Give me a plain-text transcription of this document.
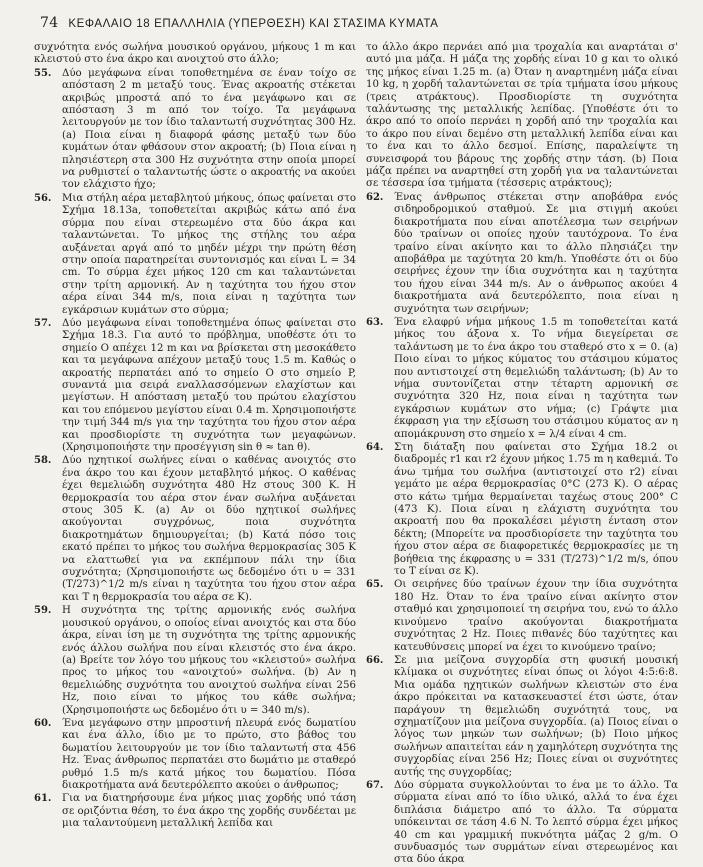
74 ΚΕΦΑΛΑΙΟ 18 ΕΠΑΛΛΗΛΙΑ (ΥΠΕΡΘΕΣΗ) ΚΑΙ ΣΤΑΣΙΜΑ ΚΥΜΑΤΑ
συχνότητα ενός σωλήνα μουσικού οργάνου, μήκους 1 m και κλειστού στο ένα άκρο και ανοιχτού στο άλλο;
55.	Δύο μεγάφωνα είναι τοποθετημένα σε έναν τοίχο σε απόσταση 2 m μεταξύ τους. Ένας ακροατής στέκεται ακριβώς μπροστά από το ένα μεγάφωνο και σε απόσταση 3 m από τον τοίχο. Τα μεγάφωνα λειτουργούν με τον ίδιο ταλαντωτή συχνότητας 300 Hz. (a) Ποια είναι η διαφορά φάσης μεταξύ των δύο κυμάτων όταν φθάσουν στον ακροατή; (b) Ποια είναι η πλησιέστερη στα 300 Hz συχνότητα στην οποία μπορεί να ρυθμιστεί ο ταλαντωτής ώστε ο ακροατής να ακούει τον ελάχιστο ήχο;
56.	Μια στήλη αέρα μεταβλητού μήκους, όπως φαίνεται στο Σχήμα 18.13a, τοποθετείται ακριβώς κάτω από ένα σύρμα που είναι στερεωμένο στα δύο άκρα και ταλαντώνεται. Το μήκος της στήλης του αέρα αυξάνεται αργά από το μηδέν μέχρι την πρώτη θέση στην οποία παρατηρείται συντονισμός και είναι L = 34 cm. Το σύρμα έχει μήκος 120 cm και ταλαντώνεται στην τρίτη αρμονική. Αν η ταχύτητα του ήχου στον αέρα είναι 344 m/s, ποια είναι η ταχύτητα των εγκάρσιων κυμάτων στο σύρμα;
57.	Δύο μεγάφωνα είναι τοποθετημένα όπως φαίνεται στο Σχήμα 18.3. Για αυτό το πρόβλημα, υποθέστε ότι το σημείο O απέχει 12 m και να βρίσκεται στη μεσοκάθετο και τα μεγάφωνα απέχουν μεταξύ τους 1.5 m. Καθώς ο ακροατής περπατάει από το σημείο O στο σημείο P, συναντά μια σειρά εναλλασσόμενων ελαχίστων και μεγίστων. Η απόσταση μεταξύ του πρώτου ελαχίστου και του επόμενου μεγίστου είναι 0.4 m. Χρησιμοποιήστε την τιμή 344 m/s για την ταχύτητα του ήχου στον αέρα και προσδιορίστε τη συχνότητα των μεγαφώνων. (Χρησιμοποιήστε την προσέγγιση sin θ ≈ tan θ).
58.	Δύο ηχητικοί σωλήνες είναι ο καθένας ανοιχτός στο ένα άκρο του και έχουν μεταβλητό μήκος. Ο καθένας έχει θεμελιώδη συχνότητα 480 Hz στους 300 K. Η θερμοκρασία του αέρα στον έναν σωλήνα αυξάνεται στους 305 K. (a) Αν οι δύο ηχητικοί σωλήνες ακούγονται συγχρόνως, ποια συχνότητα διακροτημάτων δημιουργείται; (b) Κατά πόσο τοις εκατό πρέπει το μήκος του σωλήνα θερμοκρασίας 305 K να ελαττωθεί για να εκπέμπουν πάλι την ίδια συχνότητα; (Χρησιμοποιήστε ως δεδομένο ότι υ = 331 (T/273)^1/2 m/s είναι η ταχύτητα του ήχου στον αέρα και T η θερμοκρασία του αέρα σε K).
59.	Η συχνότητα της τρίτης αρμονικής ενός σωλήνα μουσικού οργάνου, ο οποίος είναι ανοιχτός και στα δύο άκρα, είναι ίση με τη συχνότητα της τρίτης αρμονικής ενός άλλου σωλήνα που είναι κλειστός στο ένα άκρο. (a) Βρείτε τον λόγο του μήκους του «κλειστού» σωλήνα προς το μήκος του «ανοιχτού» σωλήνα. (b) Αν η θεμελιώδης συχνότητα του ανοιχτού σωλήνα είναι 256 Hz, ποιο είναι το μήκος του κάθε σωλήνα; (Χρησιμοποιήστε ως δεδομένο ότι υ = 340 m/s).
60.	Ένα μεγάφωνο στην μπροστινή πλευρά ενός δωματίου και ένα άλλο, ίδιο με το πρώτο, στο βάθος του δωματίου λειτουργούν με τον ίδιο ταλαντωτή στα 456 Hz. Ένας άνθρωπος περπατάει στο δωμάτιο με σταθερό ρυθμό 1.5 m/s κατά μήκος του δωματίου. Πόσα διακροτήματα ανά δευτερόλεπτο ακούει ο άνθρωπος;
61.	Για να διατηρήσουμε ένα μήκος μιας χορδής υπό τάση σε οριζόντια θέση, το ένα άκρο της χορδής συνδέεται με μια ταλαντούμενη μεταλλική λεπίδα και
το άλλο άκρο περνάει από μια τροχαλία και αναρτάται σ' αυτό μια μάζα. Η μάζα της χορδής είναι 10 g και το ολικό της μήκος είναι 1.25 m. (a) Όταν η αναρτημένη μάζα είναι 10 kg, η χορδή ταλαντώνεται σε τρία τμήματα ίσου μήκους (τρεις ατράκτους). Προσδιορίστε τη συχνότητα ταλάντωσης της μεταλλικής λεπίδας. [Υποθέστε ότι το άκρο από το οποίο περνάει η χορδή από την τροχαλία και το άκρο που είναι δεμένο στη μεταλλική λεπίδα είναι και το ένα και το άλλο δεσμοί. Επίσης, παραλείψτε τη συνεισφορά του βάρους της χορδής στην τάση. (b) Ποια μάζα πρέπει να αναρτηθεί στη χορδή για να ταλαντώνεται σε τέσσερα ίσα τμήματα (τέσσερις ατράκτους);
62.	Ένας άνθρωπος στέκεται στην αποβάθρα ενός σιδηροδρομικού σταθμού. Σε μια στιγμή ακούει διακροτήματα που είναι αποτέλεσμα των σειρήνων δύο τραίνων οι οποίες ηχούν ταυτόχρονα. Το ένα τραίνο είναι ακίνητο και το άλλο πλησιάζει την αποβάθρα με ταχύτητα 20 km/h. Υποθέστε ότι οι δύο σειρήνες έχουν την ίδια συχνότητα και η ταχύτητα του ήχου είναι 344 m/s. Αν ο άνθρωπος ακούει 4 διακροτήματα ανά δευτερόλεπτο, ποια είναι η συχνότητα των σειρήνων;
63.	Ένα ελαφρύ νήμα μήκους 1.5 m τοποθετείται κατά μήκος του άξονα x. Το νήμα διεγείρεται σε ταλάντωση με το ένα άκρο του σταθερό στο x = 0. (a) Ποιο είναι το μήκος κύματος του στάσιμου κύματος που αντιστοιχεί στη θεμελιώδη ταλάντωση; (b) Αν το νήμα συντονίζεται στην τέταρτη αρμονική σε συχνότητα 320 Hz, ποια είναι η ταχύτητα των εγκάρσιων κυμάτων στο νήμα; (c) Γράψτε μια έκφραση για την εξίσωση του στάσιμου κύματος αν η απομάκρυνση στο σημείο x = λ/4 είναι 4 cm.
64.	Στη διάταξη που φαίνεται στο Σχήμα 18.2 οι διαδρομές r1 και r2 έχουν μήκος 1.75 m η καθεμιά. Το άνω τμήμα του σωλήνα (αντιστοιχεί στο r2) είναι γεμάτο με αέρα θερμοκρασίας 0°C (273 K). Ο αέρας στο κάτω τμήμα θερμαίνεται ταχέως στους 200° C (473 K). Ποια είναι η ελάχιστη συχνότητα του ακροατή που θα προκαλέσει μέγιστη ένταση στον δέκτη; (Μπορείτε να προσδιορίσετε την ταχύτητα του ήχου στον αέρα σε διαφορετικές θερμοκρασίες με τη βοήθεια της έκφρασης υ = 331 (T/273)^1/2 m/s, όπου το T είναι σε K).
65.	Οι σειρήνες δύο τραίνων έχουν την ίδια συχνότητα 180 Hz. Όταν το ένα τραίνο είναι ακίνητο στον σταθμό και χρησιμοποιεί τη σειρήνα του, ενώ το άλλο κινούμενο τραίνο ακούγονται διακροτήματα συχνότητας 2 Hz. Ποιες πιθανές δύο ταχύτητες και κατευθύνσεις μπορεί να έχει το κινούμενο τραίνο;
66.	Σε μια μείζονα συγχορδία στη φυσική μουσική κλίμακα οι συχνότητες είναι όπως οι λόγοι 4:5:6:8. Μια ομάδα ηχητικών σωλήνων κλειστών στο ένα άκρο πρόκειται να κατασκευαστεί έτσι ώστε, όταν παράγουν τη θεμελιώδη συχνότητά τους, να σχηματίζουν μια μείζονα συγχορδία. (a) Ποιος είναι ο λόγος των μηκών των σωλήνων; (b) Ποιο μήκος σωλήνων απαιτείται εάν η χαμηλότερη συχνότητα της συγχορδίας είναι 256 Hz; Ποιες είναι οι συχνότητες αυτής της συγχορδίας;
67.	Δύο σύρματα συγκολλούνται το ένα με το άλλο. Τα σύρματα είναι από το ίδιο υλικό, αλλά το ένα έχει διπλάσια διάμετρο από το άλλο. Τα σύρματα υπόκεινται σε τάση 4.6 N. Το λεπτό σύρμα έχει μήκος 40 cm και γραμμική πυκνότητα μάζας 2 g/m. Ο συνδυασμός των συρμάτων είναι στερεωμένος και στα δύο άκρα
